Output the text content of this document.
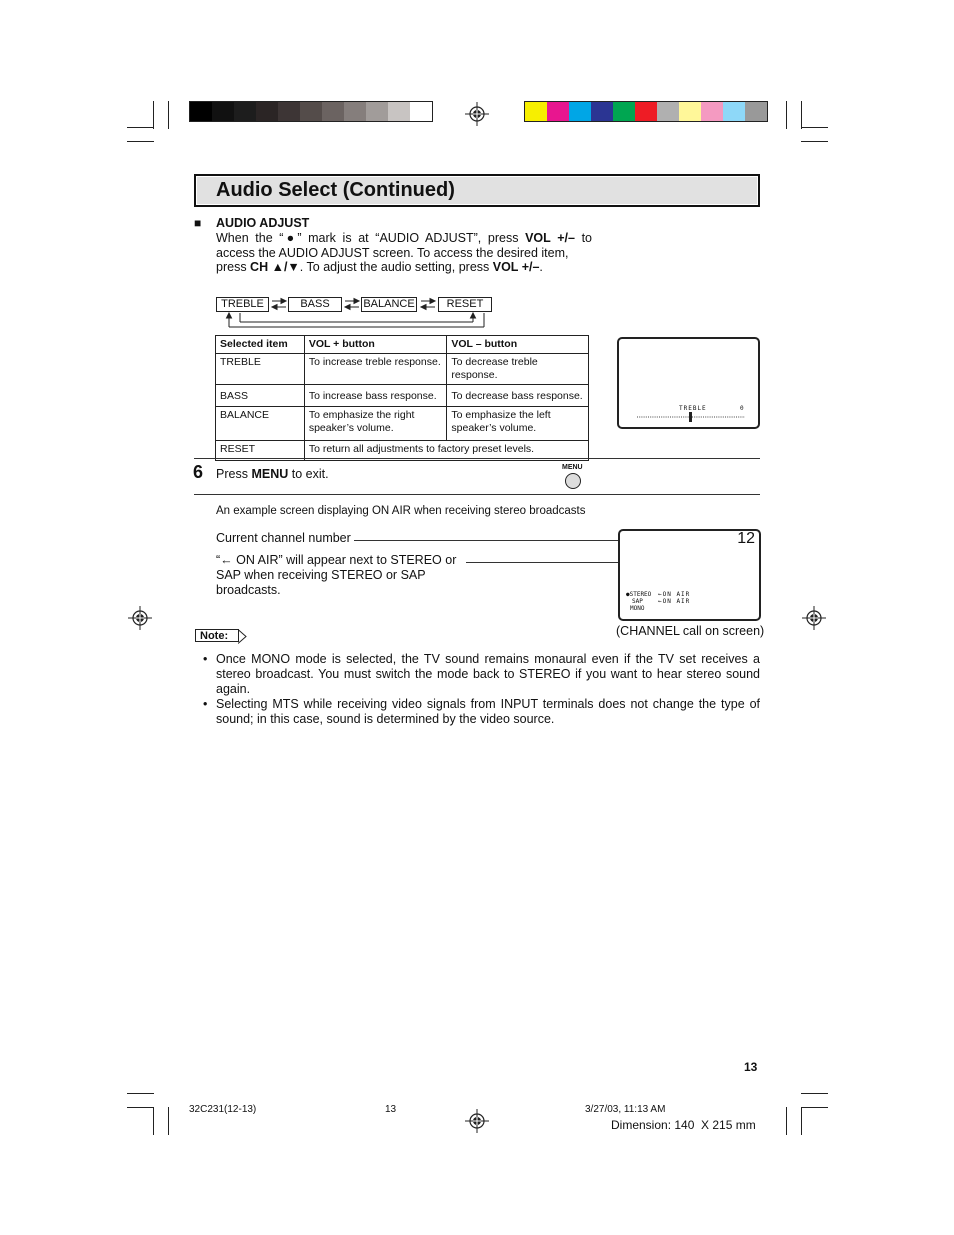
Audio Select (Continued)
■ AUDIO ADJUST
When the “●” mark is at “AUDIO ADJUST”, press VOL +/– to
access the AUDIO ADJUST screen. To access the desired item,
press CH ▲/▼. To adjust the audio setting, press VOL +/–.
TREBLE	BASS	BALANCE	RESET
Selected item	VOL + button	VOL – button
TREBLE	To increase treble response.	To decrease treble response.
BASS	To increase bass response.	To decrease bass response.
BALANCE	To emphasize the right speaker’s volume.	To emphasize the left speaker’s volume.
RESET	To return all adjustments to factory preset levels.	
TREBLE	0
6 Press MENU to exit.	MENU
An example screen displaying ON AIR when receiving stereo broadcasts
Current channel number
“← ON AIR” will appear next to STEREO or SAP when receiving STEREO or SAP broadcasts.
12
●STEREO
SAP
MONO
←ON AIR
←ON AIR
(CHANNEL call on screen)
Note:
• Once MONO mode is selected, the TV sound remains monaural even if the TV set receives a stereo broadcast. You must switch the mode back to STEREO if you want to hear stereo sound again.
• Selecting MTS while receiving video signals from INPUT terminals does not change the type of sound; in this case, sound is determined by the video source.
13
32C231(12-13)	13	3/27/03, 11:13 AM
Dimension: 140  X 215 mm
